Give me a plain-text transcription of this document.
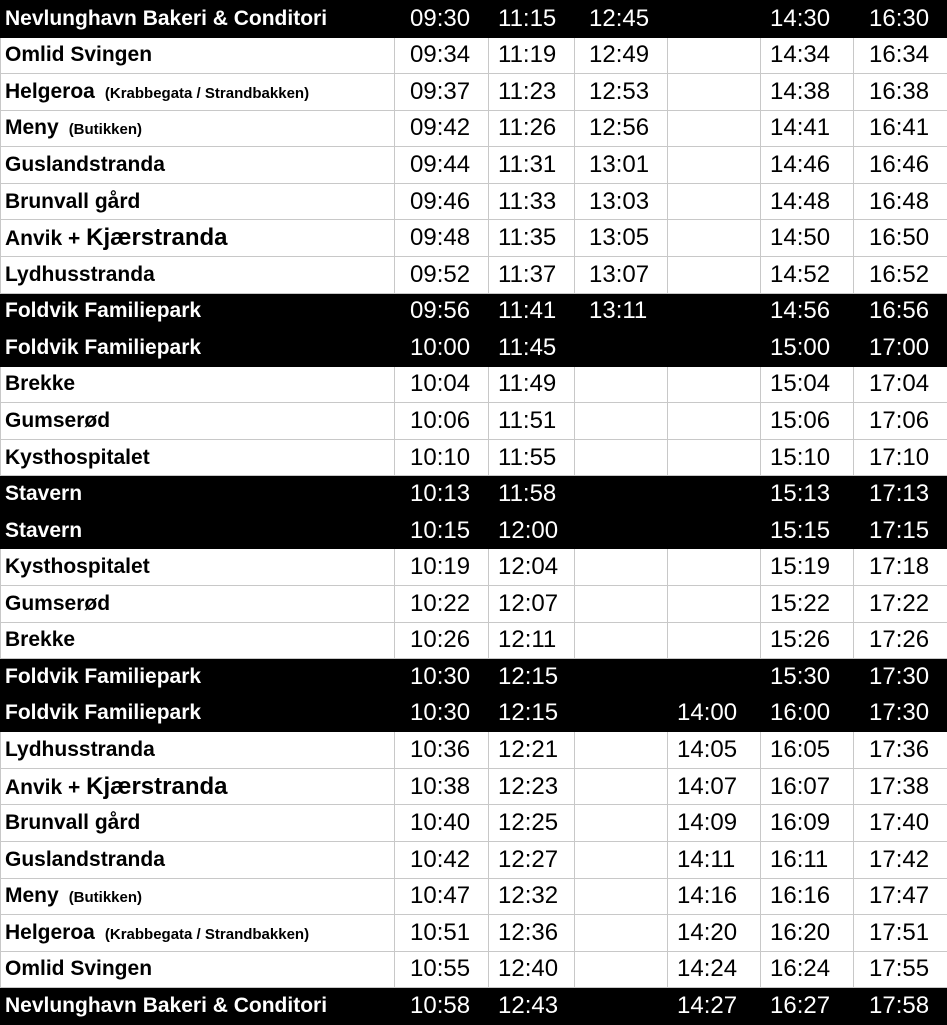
Nevlunghavn Bakeri & Conditori	09:30	11:15	12:45		14:30	16:30
Omlid Svingen	09:34	11:19	12:49		14:34	16:34
Helgeroa (Krabbegata / Strandbakken)	09:37	11:23	12:53		14:38	16:38
Meny (Butikken)	09:42	11:26	12:56		14:41	16:41
Guslandstranda	09:44	11:31	13:01		14:46	16:46
Brunvall gård	09:46	11:33	13:03		14:48	16:48
Anvik + Kjærstranda	09:48	11:35	13:05		14:50	16:50
Lydhusstranda	09:52	11:37	13:07		14:52	16:52
Foldvik Familiepark	09:56	11:41	13:11		14:56	16:56
Foldvik Familiepark	10:00	11:45			15:00	17:00
Brekke	10:04	11:49			15:04	17:04
Gumserød	10:06	11:51			15:06	17:06
Kysthospitalet	10:10	11:55			15:10	17:10
Stavern	10:13	11:58			15:13	17:13
Stavern	10:15	12:00			15:15	17:15
Kysthospitalet	10:19	12:04			15:19	17:18
Gumserød	10:22	12:07			15:22	17:22
Brekke	10:26	12:11			15:26	17:26
Foldvik Familiepark	10:30	12:15			15:30	17:30
Foldvik Familiepark	10:30	12:15		14:00	16:00	17:30
Lydhusstranda	10:36	12:21		14:05	16:05	17:36
Anvik + Kjærstranda	10:38	12:23		14:07	16:07	17:38
Brunvall gård	10:40	12:25		14:09	16:09	17:40
Guslandstranda	10:42	12:27		14:11	16:11	17:42
Meny (Butikken)	10:47	12:32		14:16	16:16	17:47
Helgeroa (Krabbegata / Strandbakken)	10:51	12:36		14:20	16:20	17:51
Omlid Svingen	10:55	12:40		14:24	16:24	17:55
Nevlunghavn Bakeri & Conditori	10:58	12:43		14:27	16:27	17:58
